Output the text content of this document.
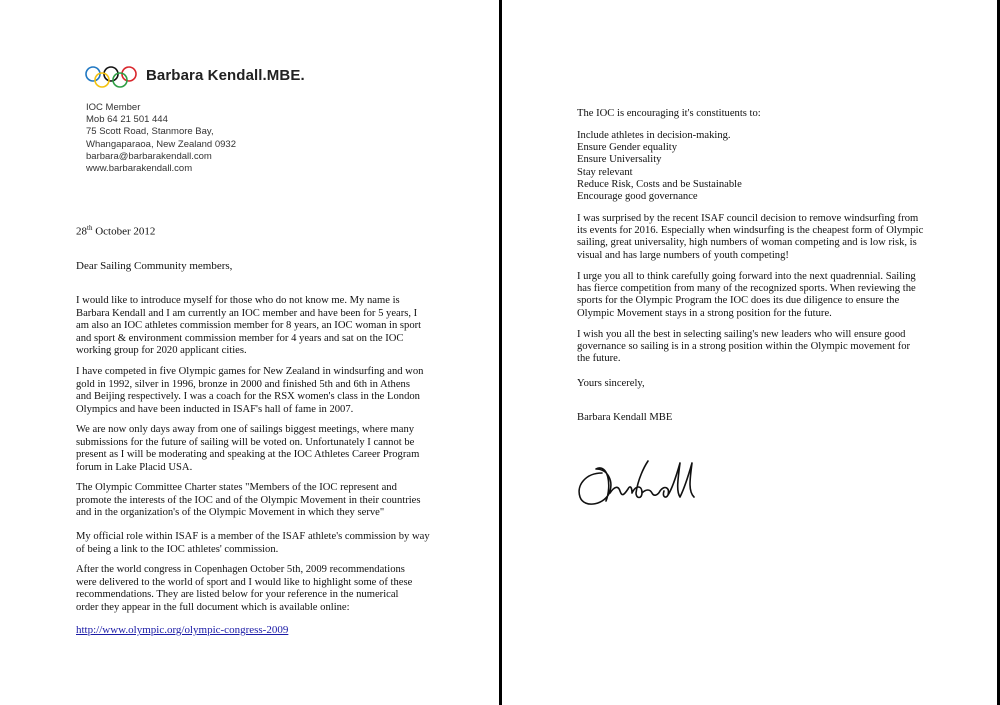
Barbara Kendall.MBE.
IOC Member
Mob 64 21 501 444
75 Scott Road, Stanmore Bay,
Whangaparaoa, New Zealand 0932
barbara@barbarakendall.com
www.barbarakendall.com
28th October 2012
Dear Sailing Community members,
I would like to introduce myself for those who do not know me. My name is
Barbara Kendall and I am currently an IOC member and have been for 5 years, I
am also an IOC athletes commission member for 8 years, an IOC woman in sport
and sport & environment commission member for 4 years and sat on the IOC
working group for 2020 applicant cities.
I have competed in five Olympic games for New Zealand in windsurfing and won
gold in 1992, silver in 1996, bronze in 2000 and finished 5th and 6th in Athens
and Beijing respectively. I was a coach for the RSX women's class in the London
Olympics and have been inducted in ISAF's hall of fame in 2007.
We are now only days away from one of sailings biggest meetings, where many
submissions for the future of sailing will be voted on. Unfortunately I cannot be
present as I will be moderating and speaking at the IOC Athletes Career Program
forum in Lake Placid USA.
The Olympic Committee Charter states "Members of the IOC represent and
promote the interests of the IOC and of the Olympic Movement in their countries
and in the organization's of the Olympic Movement in which they serve"
My official role within ISAF is a member of the ISAF athlete's commission by way
of being a link to the IOC athletes' commission.
After the world congress in Copenhagen October 5th, 2009 recommendations
were delivered to the world of sport and I would like to highlight some of these
recommendations. They are listed below for your reference in the numerical
order they appear in the full document which is available online:
http://www.olympic.org/olympic-congress-2009
The IOC is encouraging it's constituents to:
Include athletes in decision-making.
Ensure Gender equality
Ensure Universality
Stay relevant
Reduce Risk, Costs and be Sustainable
Encourage good governance
I was surprised by the recent ISAF council decision to remove windsurfing from
its events for 2016. Especially when windsurfing is the cheapest form of Olympic
sailing, great universality, high numbers of woman competing and is low risk, is
visual and has large numbers of youth competing!
I urge you all to think carefully going forward into the next quadrennial. Sailing
has fierce competition from many of the recognized sports. When reviewing the
sports for the Olympic Program the IOC does its due diligence to ensure the
Olympic Movement stays in a strong position for the future.
I wish you all the best in selecting sailing's new leaders who will ensure good
governance so sailing is in a strong position within the Olympic movement for
the future.
Yours sincerely,
Barbara Kendall MBE
